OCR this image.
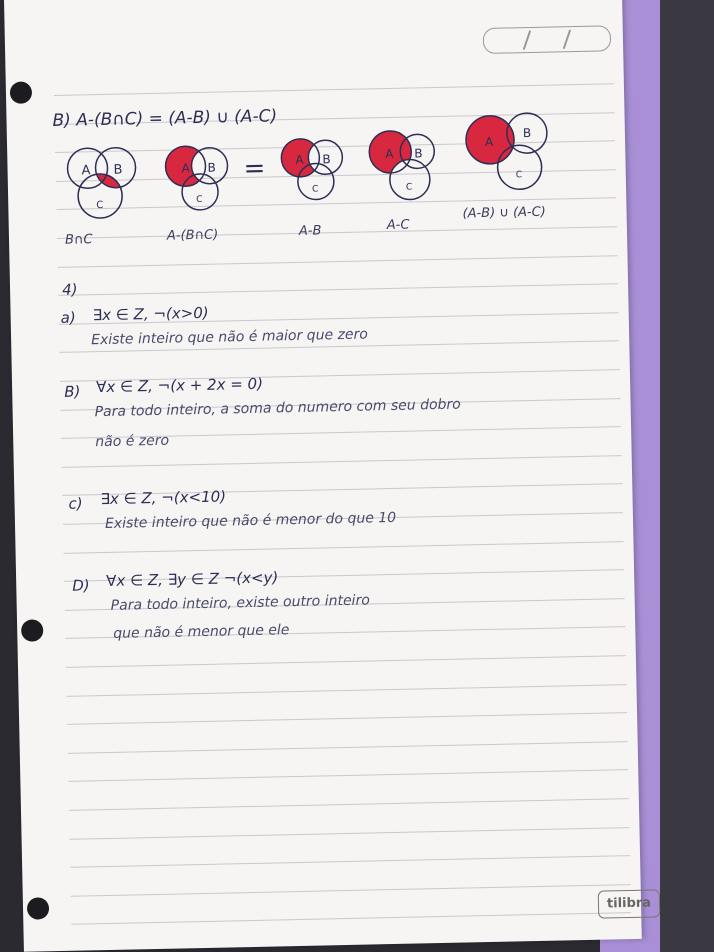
B) A-(B∩C) = (A-B) ∪ (A-C)
A B
C
A B
C
= A B
C
A B
C
A
B
C
B∩C	A-(B∩C)	A-B	A-C
(A-B) ∪ (A-C)
4)
a) ∃x ∈ Z, ¬(x>0)
Existe inteiro que não é maior que zero
B) ∀x ∈ Z, ¬(x + 2x = 0)
Para todo inteiro, a soma do numero com seu dobro
não é zero
c) ∃x ∈ Z, ¬(x<10)
Existe inteiro que não é menor do que 10
D) ∀x ∈ Z, ∃y ∈ Z ¬(x<y)
Para todo inteiro, existe outro inteiro
que não é menor que ele
tilibra
